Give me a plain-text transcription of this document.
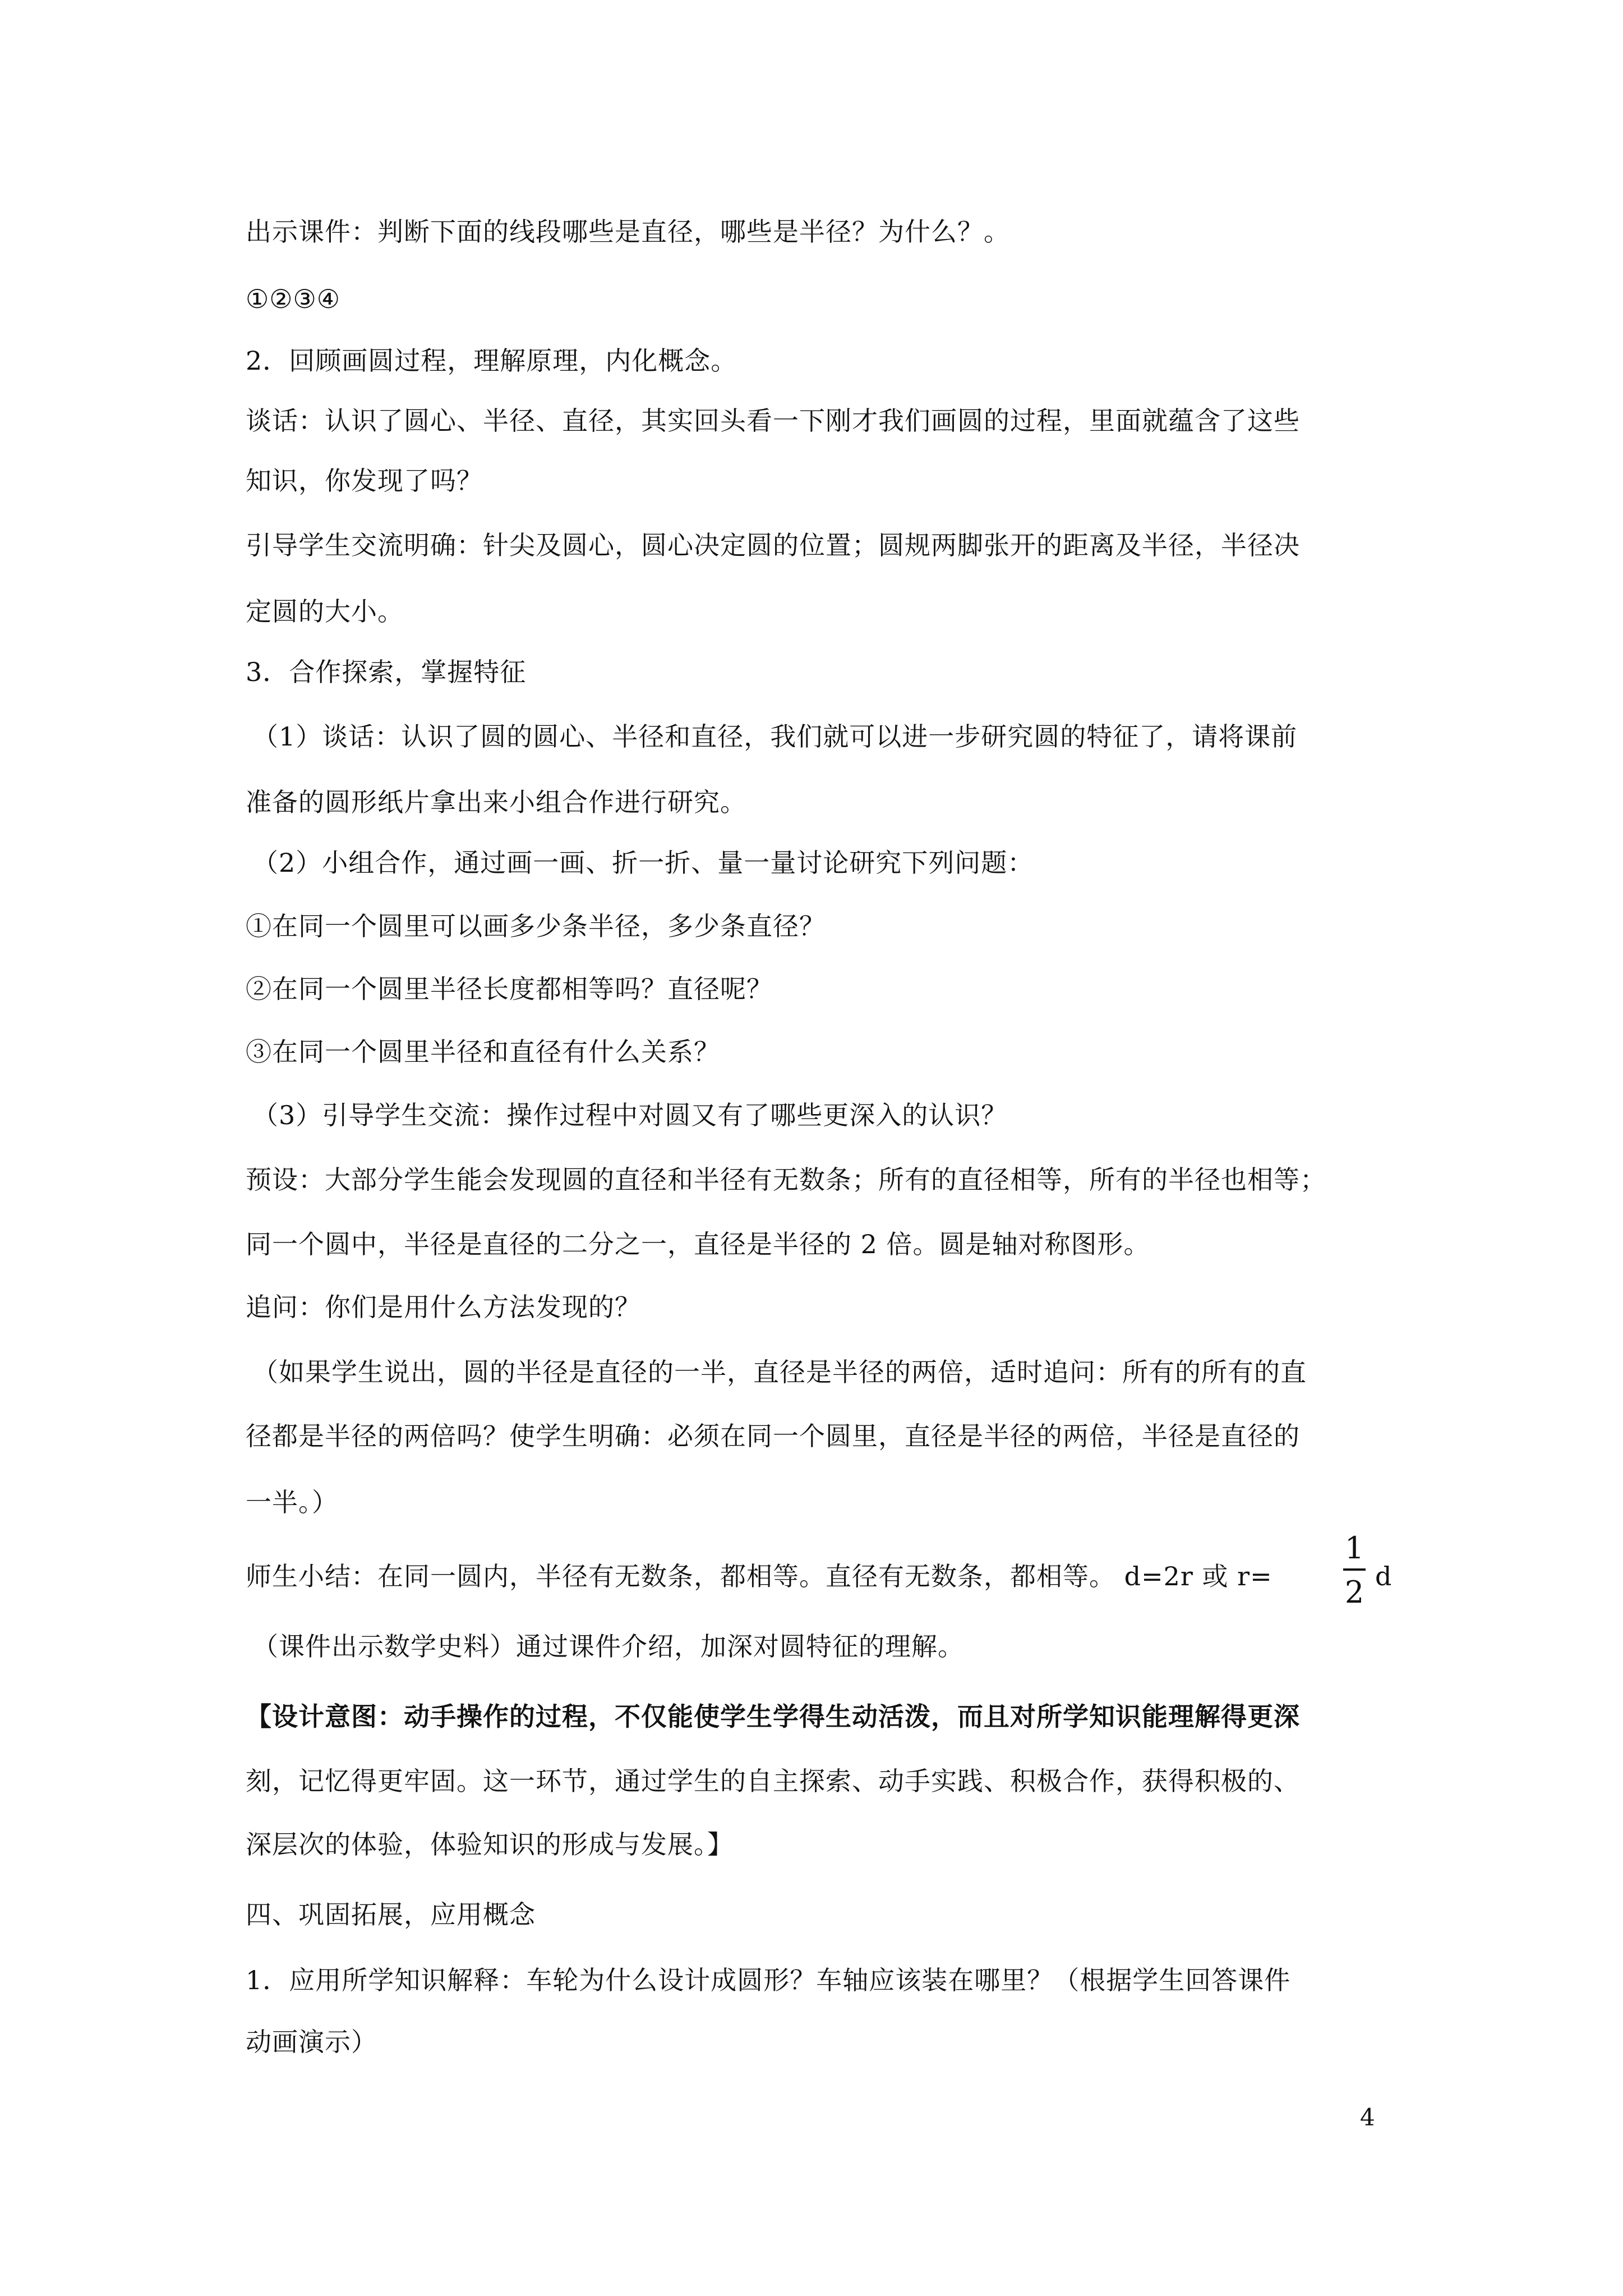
出示课件：判断下面的线段哪些是直径，哪些是半径？为什么？。
①②③④
2．回顾画圆过程，理解原理，内化概念。
谈话：认识了圆心、半径、直径，其实回头看一下刚才我们画圆的过程，里面就蕴含了这些
知识，你发现了吗？
引导学生交流明确：针尖及圆心，圆心决定圆的位置；圆规两脚张开的距离及半径，半径决
定圆的大小。
3．合作探索，掌握特征
（1）谈话：认识了圆的圆心、半径和直径，我们就可以进一步研究圆的特征了，请将课前
准备的圆形纸片拿出来小组合作进行研究。
（2）小组合作，通过画一画、折一折、量一量讨论研究下列问题：
①在同一个圆里可以画多少条半径，多少条直径？
②在同一个圆里半径长度都相等吗？直径呢？
③在同一个圆里半径和直径有什么关系？
（3）引导学生交流：操作过程中对圆又有了哪些更深入的认识？
预设：大部分学生能会发现圆的直径和半径有无数条；所有的直径相等，所有的半径也相等；
同一个圆中，半径是直径的二分之一，直径是半径的 2 倍。圆是轴对称图形。
追问：你们是用什么方法发现的？
（如果学生说出，圆的半径是直径的一半，直径是半径的两倍，适时追问：所有的所有的直
径都是半径的两倍吗？使学生明确：必须在同一个圆里，直径是半径的两倍，半径是直径的
一半。）
师生小结：在同一圆内，半径有无数条，都相等。直径有无数条，都相等。 d=2r 或 r=
1
2 d
（课件出示数学史料）通过课件介绍，加深对圆特征的理解。
【设计意图：动手操作的过程，不仅能使学生学得生动活泼，而且对所学知识能理解得更深
刻，记忆得更牢固。这一环节，通过学生的自主探索、动手实践、积极合作，获得积极的、
深层次的体验，体验知识的形成与发展。】
四、巩固拓展，应用概念
1．应用所学知识解释：车轮为什么设计成圆形？车轴应该装在哪里？（根据学生回答课件
动画演示）
4
